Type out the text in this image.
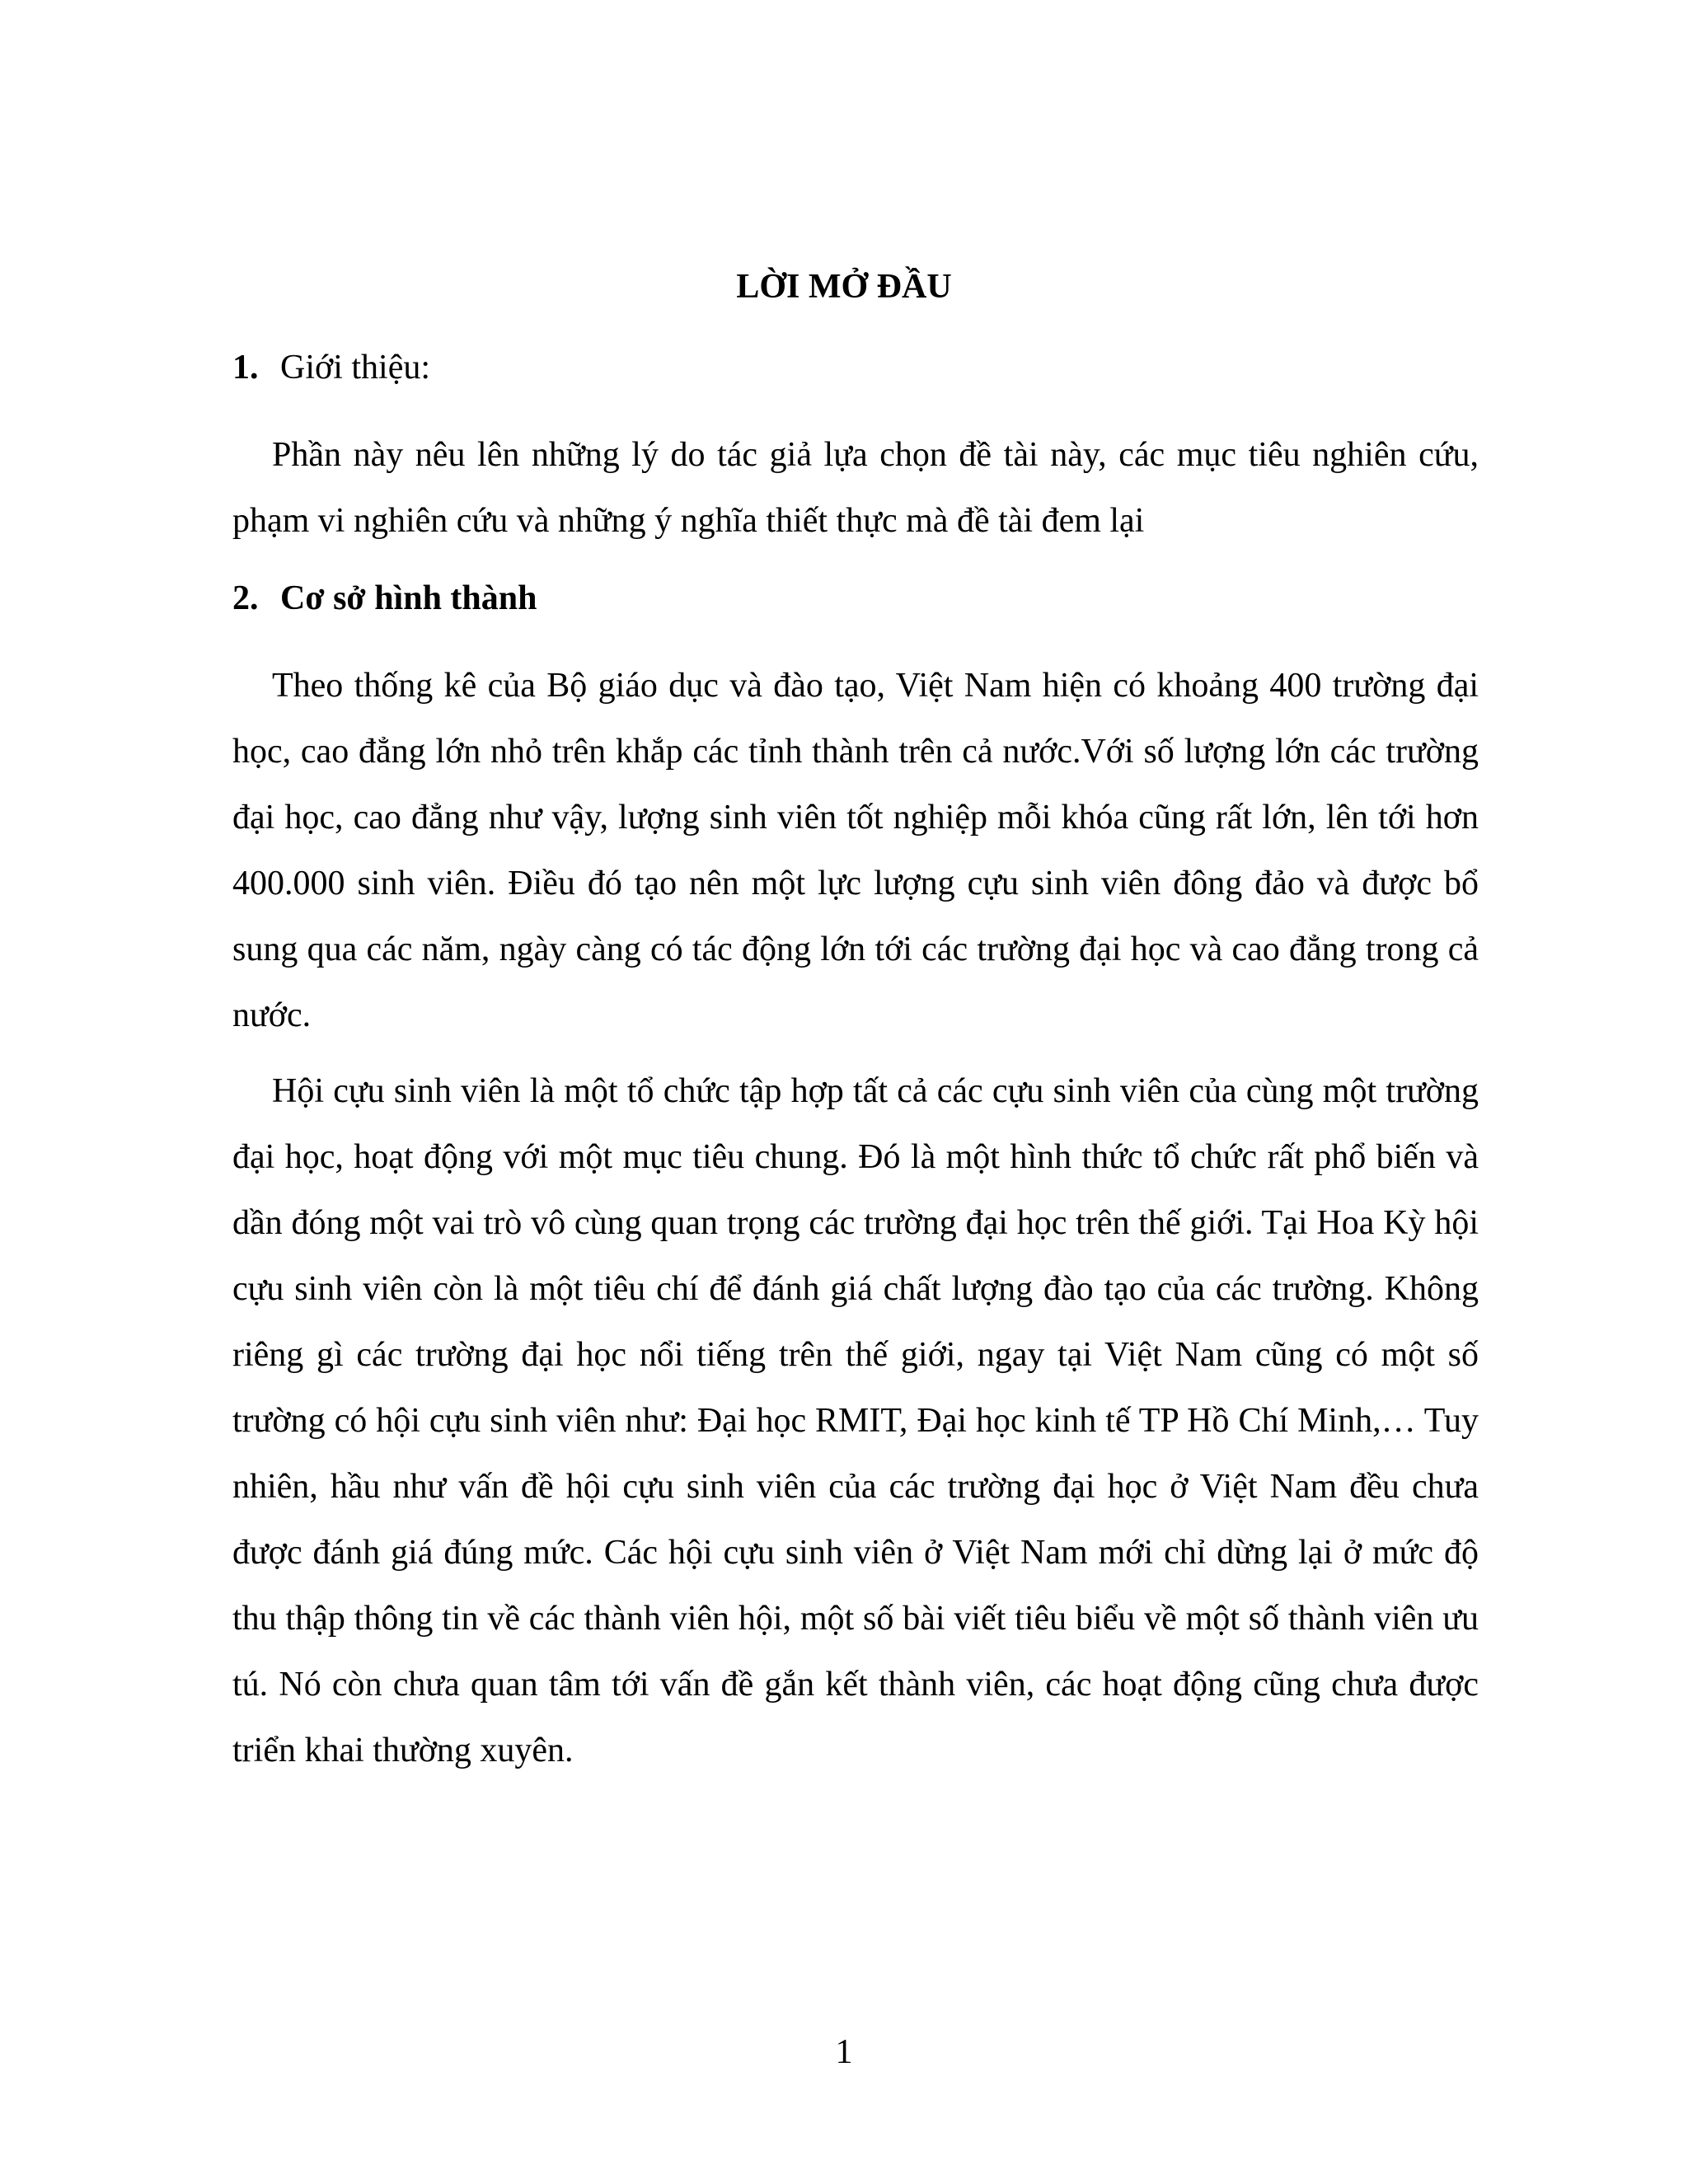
LỜI MỞ ĐẦU
1. Giới thiệu:

Phần này nêu lên những lý do tác giả lựa chọn đề tài này, các mục tiêu nghiên cứu, phạm vi nghiên cứu và những ý nghĩa thiết thực mà đề tài đem lại

2. Cơ sở hình thành

Theo thống kê của Bộ giáo dục và đào tạo, Việt Nam hiện có khoảng 400 trường đại học, cao đẳng lớn nhỏ trên khắp các tỉnh thành trên cả nước.Với số lượng lớn các trường đại học, cao đẳng như vậy, lượng sinh viên tốt nghiệp mỗi khóa cũng rất lớn, lên tới hơn 400.000 sinh viên. Điều đó tạo nên một lực lượng cựu sinh viên đông đảo và được bổ sung qua các năm, ngày càng có tác động lớn tới các trường đại học và cao đẳng trong cả nước.

Hội cựu sinh viên là một tổ chức tập hợp tất cả các cựu sinh viên của cùng một trường đại học, hoạt động với một mục tiêu chung. Đó là một hình thức tổ chức rất phổ biến và dần đóng một vai trò vô cùng quan trọng các trường đại học trên thế giới. Tại Hoa Kỳ hội cựu sinh viên còn là một tiêu chí để đánh giá chất lượng đào tạo của các trường. Không riêng gì các trường đại học nổi tiếng trên thế giới, ngay tại Việt Nam cũng có một số trường có hội cựu sinh viên như: Đại học RMIT, Đại học kinh tế TP Hồ Chí Minh,… Tuy nhiên, hầu như vấn đề hội cựu sinh viên của các trường đại học ở Việt Nam đều chưa được đánh giá đúng mức. Các hội cựu sinh viên ở Việt Nam mới chỉ dừng lại ở mức độ thu thập thông tin về các thành viên hội, một số bài viết tiêu biểu về một số thành viên ưu tú. Nó còn chưa quan tâm tới vấn đề gắn kết thành viên, các hoạt động cũng chưa được triển khai thường xuyên.

1
